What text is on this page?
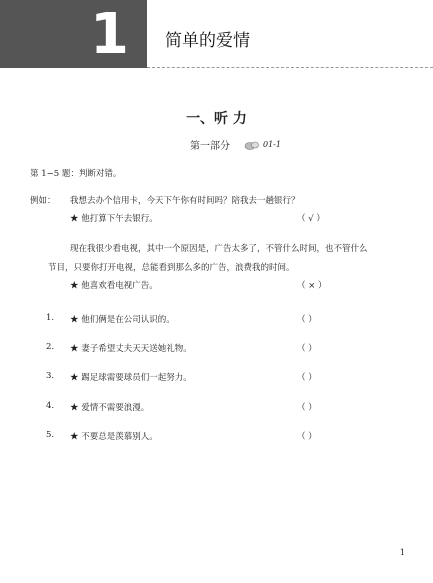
1	简单的爱情
一、听 力
第一部分	01-1
第 1−5 题：判断对错。
例如： 我想去办个信用卡，今天下午你有时间吗？陪我去一趟银行？
★ 他打算下午去银行。	（ √ ）
现在我很少看电视，其中一个原因是，广告太多了，不管什么时间，也不管什么
节目，只要你打开电视，总能看到那么多的广告，浪费我的时间。
★ 他喜欢看电视广告。	（ × ）
1. ★ 他们俩是在公司认识的。	（ ）
2. ★ 妻子希望丈夫天天送她礼物。	（ ）
3. ★ 踢足球需要球员们一起努力。	（ ）
4. ★ 爱情不需要浪漫。	（ ）
5. ★ 不要总是羡慕别人。	（ ）
1
